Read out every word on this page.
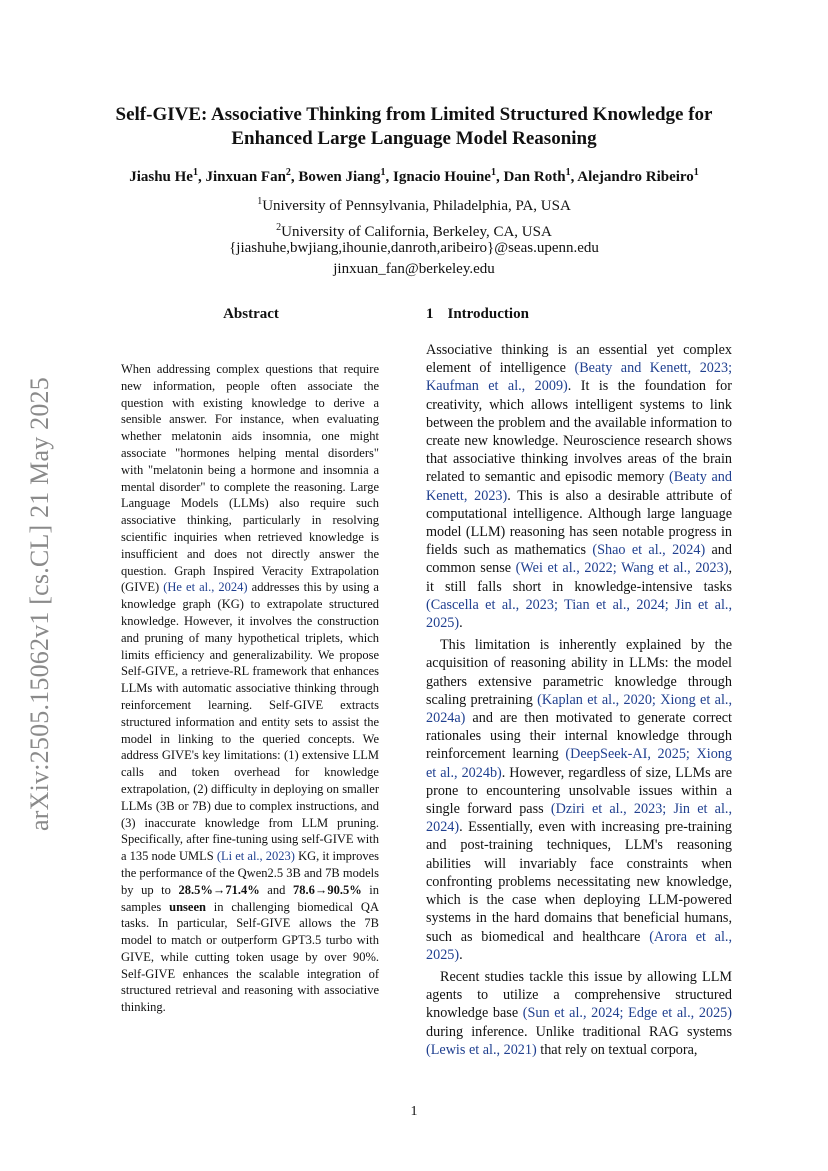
arXiv:2505.15062v1 [cs.CL] 21 May 2025
Self-GIVE: Associative Thinking from Limited Structured Knowledge for
Enhanced Large Language Model Reasoning
Jiashu He$^1$, Jinxuan Fan$^2$, Bowen Jiang$^1$, Ignacio Houine$^1$, Dan Roth$^1$, Alejandro Ribeiro$^1$
$^1$University of Pennsylvania, Philadelphia, PA, USA
$^2$University of California, Berkeley, CA, USA
{jiashuhe,bwjiang,ihounie,danroth,aribeiro}@seas.upenn.edu
jinxuan_fan@berkeley.edu
Abstract
When addressing complex questions that require new information, people often associate the question with existing knowledge to derive a sensible answer. For instance, when evaluating whether melatonin aids insomnia, one might associate "hormones helping mental disorders" with "melatonin being a hormone and insomnia a mental disorder" to complete the reasoning. Large Language Models (LLMs) also require such associative thinking, particularly in resolving scientific inquiries when retrieved knowledge is insufficient and does not directly answer the question. Graph Inspired Veracity Extrapolation (GIVE) (He et al., 2024) addresses this by using a knowledge graph (KG) to extrapolate structured knowledge. However, it involves the construction and pruning of many hypothetical triplets, which limits efficiency and generalizability. We propose Self-GIVE, a retrieve-RL framework that enhances LLMs with automatic associative thinking through reinforcement learning. Self-GIVE extracts structured information and entity sets to assist the model in linking to the queried concepts. We address GIVE's key limitations: (1) extensive LLM calls and token overhead for knowledge extrapolation, (2) difficulty in deploying on smaller LLMs (3B or 7B) due to complex instructions, and (3) inaccurate knowledge from LLM pruning. Specifically, after fine-tuning using self-GIVE with a 135 node UMLS (Li et al., 2023) KG, it improves the performance of the Qwen2.5 3B and 7B models by up to 28.5%→71.4% and 78.6→90.5% in samples unseen in challenging biomedical QA tasks. In particular, Self-GIVE allows the 7B model to match or outperform GPT3.5 turbo with GIVE, while cutting token usage by over 90%. Self-GIVE enhances the scalable integration of structured retrieval and reasoning with associative thinking.
1 Introduction

Associative thinking is an essential yet complex element of intelligence (Beaty and Kenett, 2023; Kaufman et al., 2009). It is the foundation for creativity, which allows intelligent systems to link between the problem and the available information to create new knowledge. Neuroscience research shows that associative thinking involves areas of the brain related to semantic and episodic memory (Beaty and Kenett, 2023). This is also a desirable attribute of computational intelligence. Although large language model (LLM) reasoning has seen notable progress in fields such as mathematics (Shao et al., 2024) and common sense (Wei et al., 2022; Wang et al., 2023), it still falls short in knowledge-intensive tasks (Cascella et al., 2023; Tian et al., 2024; Jin et al., 2025).

This limitation is inherently explained by the acquisition of reasoning ability in LLMs: the model gathers extensive parametric knowledge through scaling pretraining (Kaplan et al., 2020; Xiong et al., 2024a) and are then motivated to generate correct rationales using their internal knowledge through reinforcement learning (DeepSeek-AI, 2025; Xiong et al., 2024b). However, regardless of size, LLMs are prone to encountering unsolvable issues within a single forward pass (Dziri et al., 2023; Jin et al., 2024). Essentially, even with increasing pre-training and post-training techniques, LLM's reasoning abilities will invariably face constraints when confronting problems necessitating new knowledge, which is the case when deploying LLM-powered systems in the hard domains that beneficial humans, such as biomedical and healthcare (Arora et al., 2025).

Recent studies tackle this issue by allowing LLM agents to utilize a comprehensive structured knowledge base (Sun et al., 2024; Edge et al., 2025) during inference. Unlike traditional RAG systems (Lewis et al., 2021) that rely on textual corpora,

1
